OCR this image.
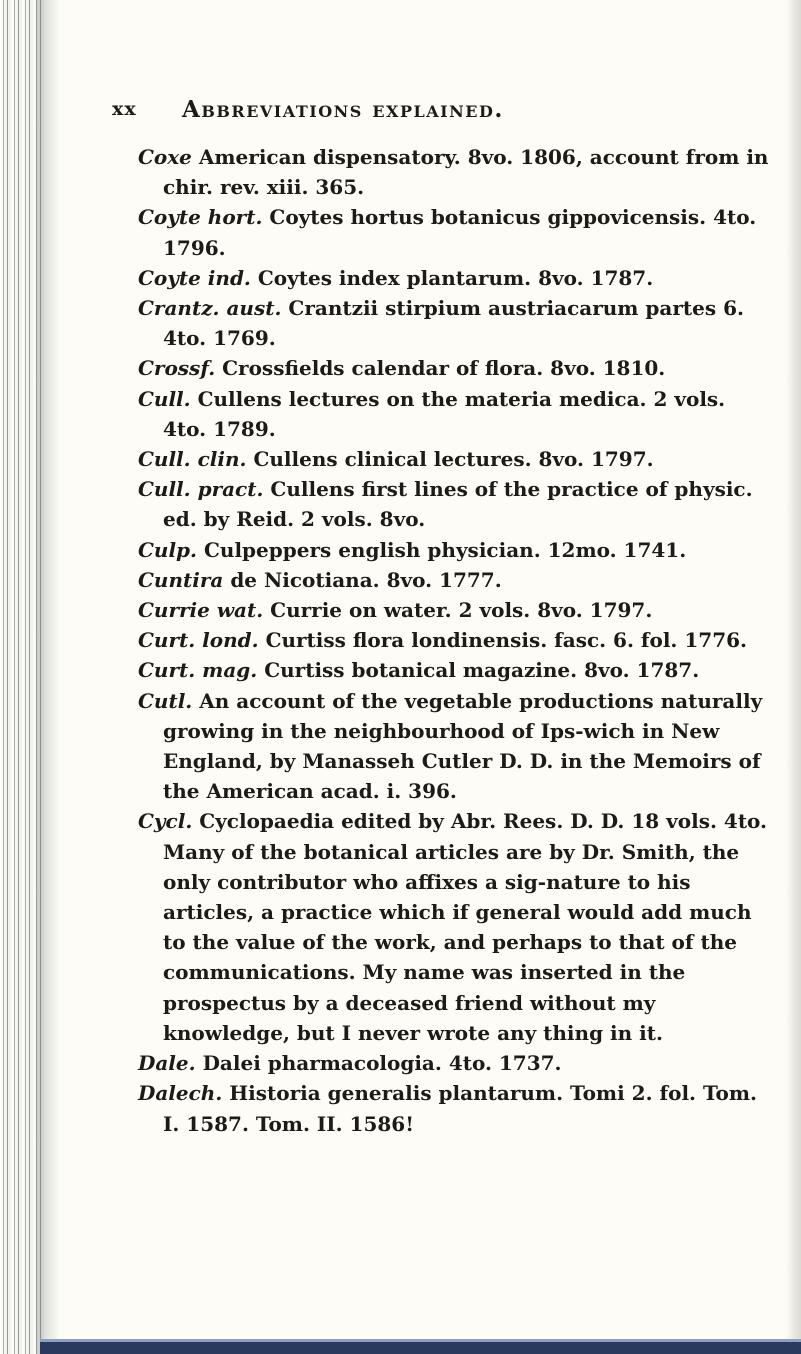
xx Abbreviations explained.

Coxe American dispensatory. 8vo. 1806, account from in chir. rev. xiii. 365.

Coyte hort. Coytes hortus botanicus gippovicensis. 4to. 1796.

Coyte ind. Coytes index plantarum. 8vo. 1787.

Crantz. aust. Crantzii stirpium austriacarum partes 6. 4to. 1769.

Crossf. Crossfields calendar of flora. 8vo. 1810.

Cull. Cullens lectures on the materia medica. 2 vols. 4to. 1789.

Cull. clin. Cullens clinical lectures. 8vo. 1797.

Cull. pract. Cullens first lines of the practice of physic. ed. by Reid. 2 vols. 8vo.

Culp. Culpeppers english physician. 12mo. 1741.

Cuntira de Nicotiana. 8vo. 1777.

Currie wat. Currie on water. 2 vols. 8vo. 1797.

Curt. lond. Curtiss flora londinensis. fasc. 6. fol. 1776.

Curt. mag. Curtiss botanical magazine. 8vo. 1787.

Cutl. An account of the vegetable productions naturally growing in the neighbourhood of Ips-wich in New England, by Manasseh Cutler D. D. in the Memoirs of the American acad. i. 396.

Cycl. Cyclopaedia edited by Abr. Rees. D. D. 18 vols. 4to. Many of the botanical articles are by Dr. Smith, the only contributor who affixes a sig-nature to his articles, a practice which if general would add much to the value of the work, and perhaps to that of the communications. My name was inserted in the prospectus by a deceased friend without my knowledge, but I never wrote any thing in it.

Dale. Dalei pharmacologia. 4to. 1737.

Dalech. Historia generalis plantarum. Tomi 2. fol. Tom. I. 1587. Tom. II. 1586!
